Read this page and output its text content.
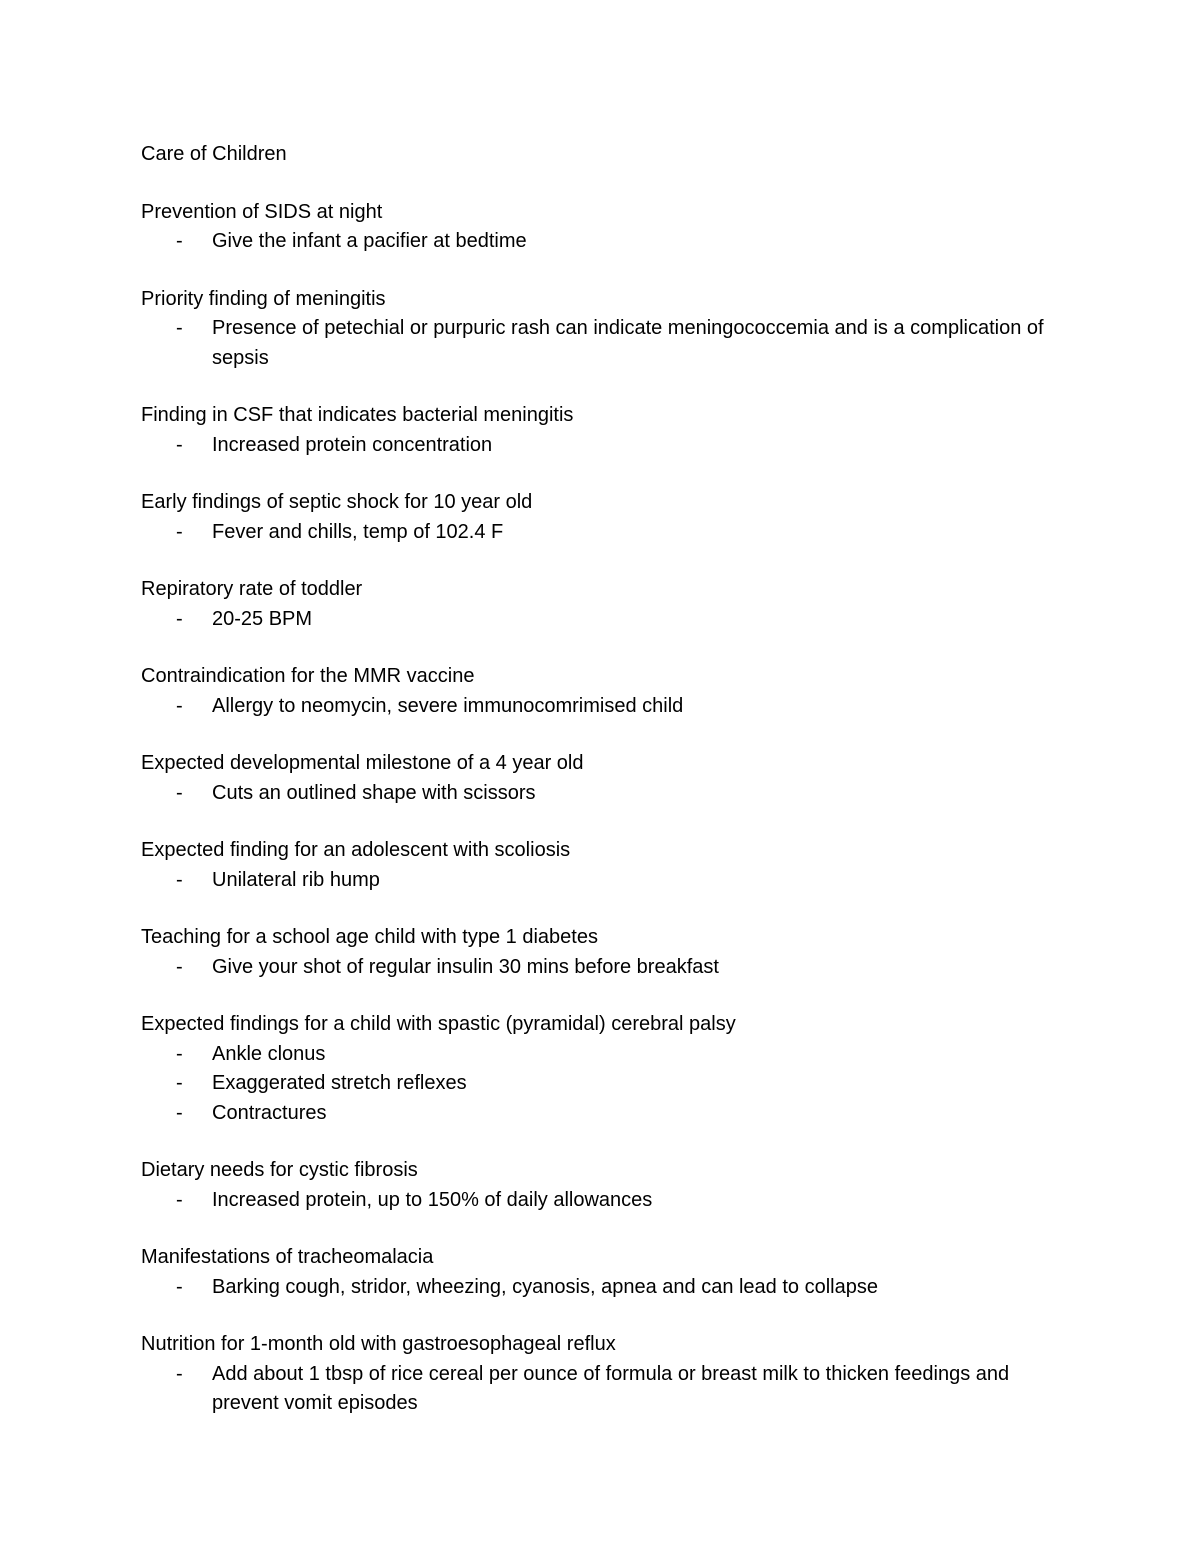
Care of Children
Prevention of SIDS at night
- Give the infant a pacifier at bedtime
Priority finding of meningitis
- Presence of petechial or purpuric rash can indicate meningococcemia and is a complication of sepsis
Finding in CSF that indicates bacterial meningitis
- Increased protein concentration
Early findings of septic shock for 10 year old
- Fever and chills, temp of 102.4 F
Repiratory rate of toddler
- 20-25 BPM
Contraindication for the MMR vaccine
- Allergy to neomycin, severe immunocomrimised child
Expected developmental milestone of a 4 year old
- Cuts an outlined shape with scissors
Expected finding for an adolescent with scoliosis
- Unilateral rib hump
Teaching for a school age child with type 1 diabetes
- Give your shot of regular insulin 30 mins before breakfast
Expected findings for a child with spastic (pyramidal) cerebral palsy
- Ankle clonus
- Exaggerated stretch reflexes
- Contractures
Dietary needs for cystic fibrosis
- Increased protein, up to 150% of daily allowances
Manifestations of tracheomalacia
- Barking cough, stridor, wheezing, cyanosis, apnea and can lead to collapse
Nutrition for 1-month old with gastroesophageal reflux
- Add about 1 tbsp of rice cereal per ounce of formula or breast milk to thicken feedings and prevent vomit episodes
